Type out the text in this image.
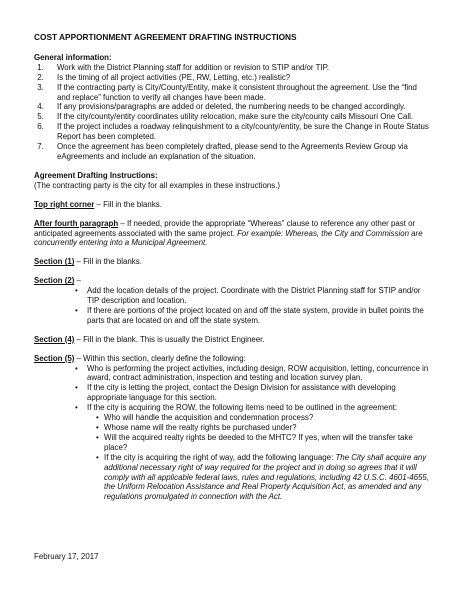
COST APPORTIONMENT AGREEMENT DRAFTING INSTRUCTIONS
General information:
1. Work with the District Planning staff for addition or revision to STIP and/or TIP.
2. Is the timing of all project activities (PE, RW, Letting, etc.) realistic?
3. If the contracting party is City/County/Entity, make it consistent throughout the agreement. Use the “find and replace” function to verify all changes have been made.
4. If any provisions/paragraphs are added or deleted, the numbering needs to be changed accordingly.
5. If the city/county/entity coordinates utility relocation, make sure the city/county calls Missouri One Call.
6. If the project includes a roadway relinquishment to a city/county/entity, be sure the Change in Route Status Report has been completed.
7. Once the agreement has been completely drafted, please send to the Agreements Review Group via eAgreements and include an explanation of the situation.
Agreement Drafting Instructions:
(The contracting party is the city for all examples in these instructions.)
Top right corner – Fill in the blanks.
After fourth paragraph – If needed, provide the appropriate “Whereas” clause to reference any other past or anticipated agreements associated with the same project. For example: Whereas, the City and Commission are concurrently entering into a Municipal Agreement.
Section (1) – Fill in the blanks.
Section (2) –
• Add the location details of the project. Coordinate with the District Planning staff for STIP and/or TIP description and location.
• If there are portions of the project located on and off the state system, provide in bullet points the parts that are located on and off the state system.
Section (4) – Fill in the blank. This is usually the District Engineer.
Section (5) – Within this section, clearly define the following:
• Who is performing the project activities, including design, ROW acquisition, letting, concurrence in award, contract administration, inspection and testing and location survey plan.
• If the city is letting the project, contact the Design Division for assistance with developing appropriate language for this section.
• If the city is acquiring the ROW, the following items need to be outlined in the agreement:
• Who will handle the acquisition and condemnation process?
• Whose name will the realty rights be purchased under?
• Will the acquired realty rights be deeded to the MHTC? If yes, when will the transfer take place?
• If the city is acquiring the right of way, add the following language: The City shall acquire any additional necessary right of way required for the project and in doing so agrees that it will comply with all applicable federal laws, rules and regulations, including 42 U.S.C. 4601-4655, the Uniform Relocation Assistance and Real Property Acquisition Act, as amended and any regulations promulgated in connection with the Act.
February 17, 2017
